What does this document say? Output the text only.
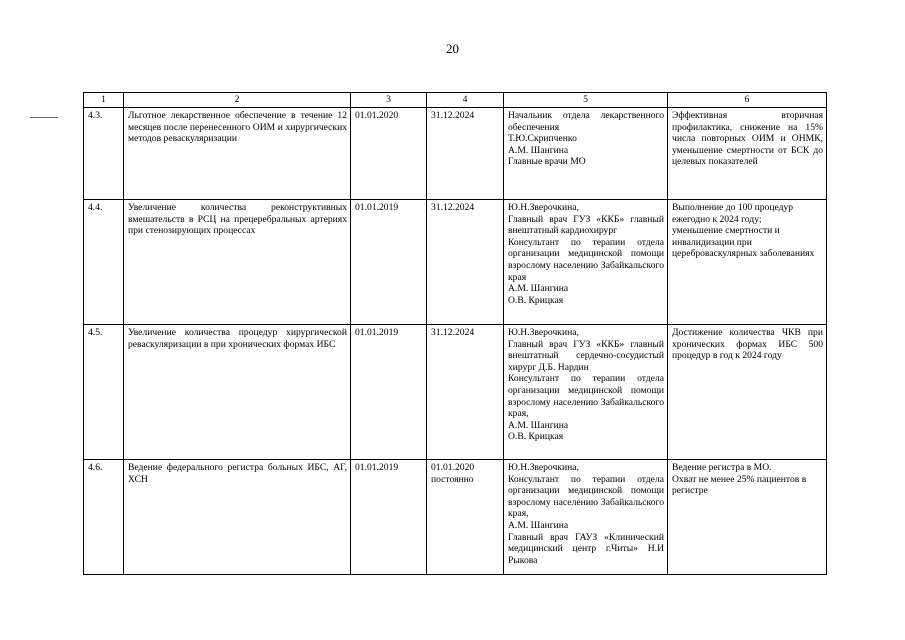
20
1	2	3	4	5	6
4.3.	Льготное лекарственное обеспечение в течение 12 месяцев после перенесенного ОИМ и хирургических методов реваскуляризации	01.01.2020	31.12.2024	Начальник отдела лекарственного обеспечения
Т.Ю.Скрипченко
А.М. Шангина
Главные врачи МО	Эффективная вторичная профилактика, снижение на 15% числа повторных ОИМ и ОНМК, уменьшение смертности от БСК до целевых показателей
4.4.	Увеличение количества реконструктивных вмешательств в РСЦ на прецеребральных артериях при стенозирующих процессах	01.01.2019	31.12.2024	Ю.Н.Зверочкина,
Главный врач ГУЗ «ККБ» главный внештатный кардиохирург
Консультант по терапии отдела организации медицинской помощи взрослому населению Забайкальского края
А.М. Шангина
О.В. Крицкая	Выполнение до 100 процедур ежегодно к 2024 году;
уменьшение смертности и инвалидизации при цереброваскулярных заболеваниях
4.5.	Увеличение количества процедур хирургической реваскуляризации в при хронических формах ИБС	01.01.2019	31.12.2024	Ю.Н.Зверочкина,
Главный врач ГУЗ «ККБ» главный внештатный сердечно-сосудистый хирург Д.Б. Нардин
Консультант по терапии отдела организации медицинской помощи взрослому населению Забайкальского края,
А.М. Шангина
О.В. Крицкая	Достижение количества ЧКВ при хронических формах ИБС 500 процедур в год к 2024 году
4.6.	Ведение федерального регистра больных ИБС, АГ, ХСН	01.01.2019	01.01.2020
постоянно	Ю.Н.Зверочкина,
Консультант по терапии отдела организации медицинской помощи взрослому населению Забайкальского края,
А.М. Шангина
Главный врач ГАУЗ «Клинический медицинский центр г.Читы» Н.И Рыкова	Ведение регистра в МО.
Охват не менее 25% пациентов в регистре
